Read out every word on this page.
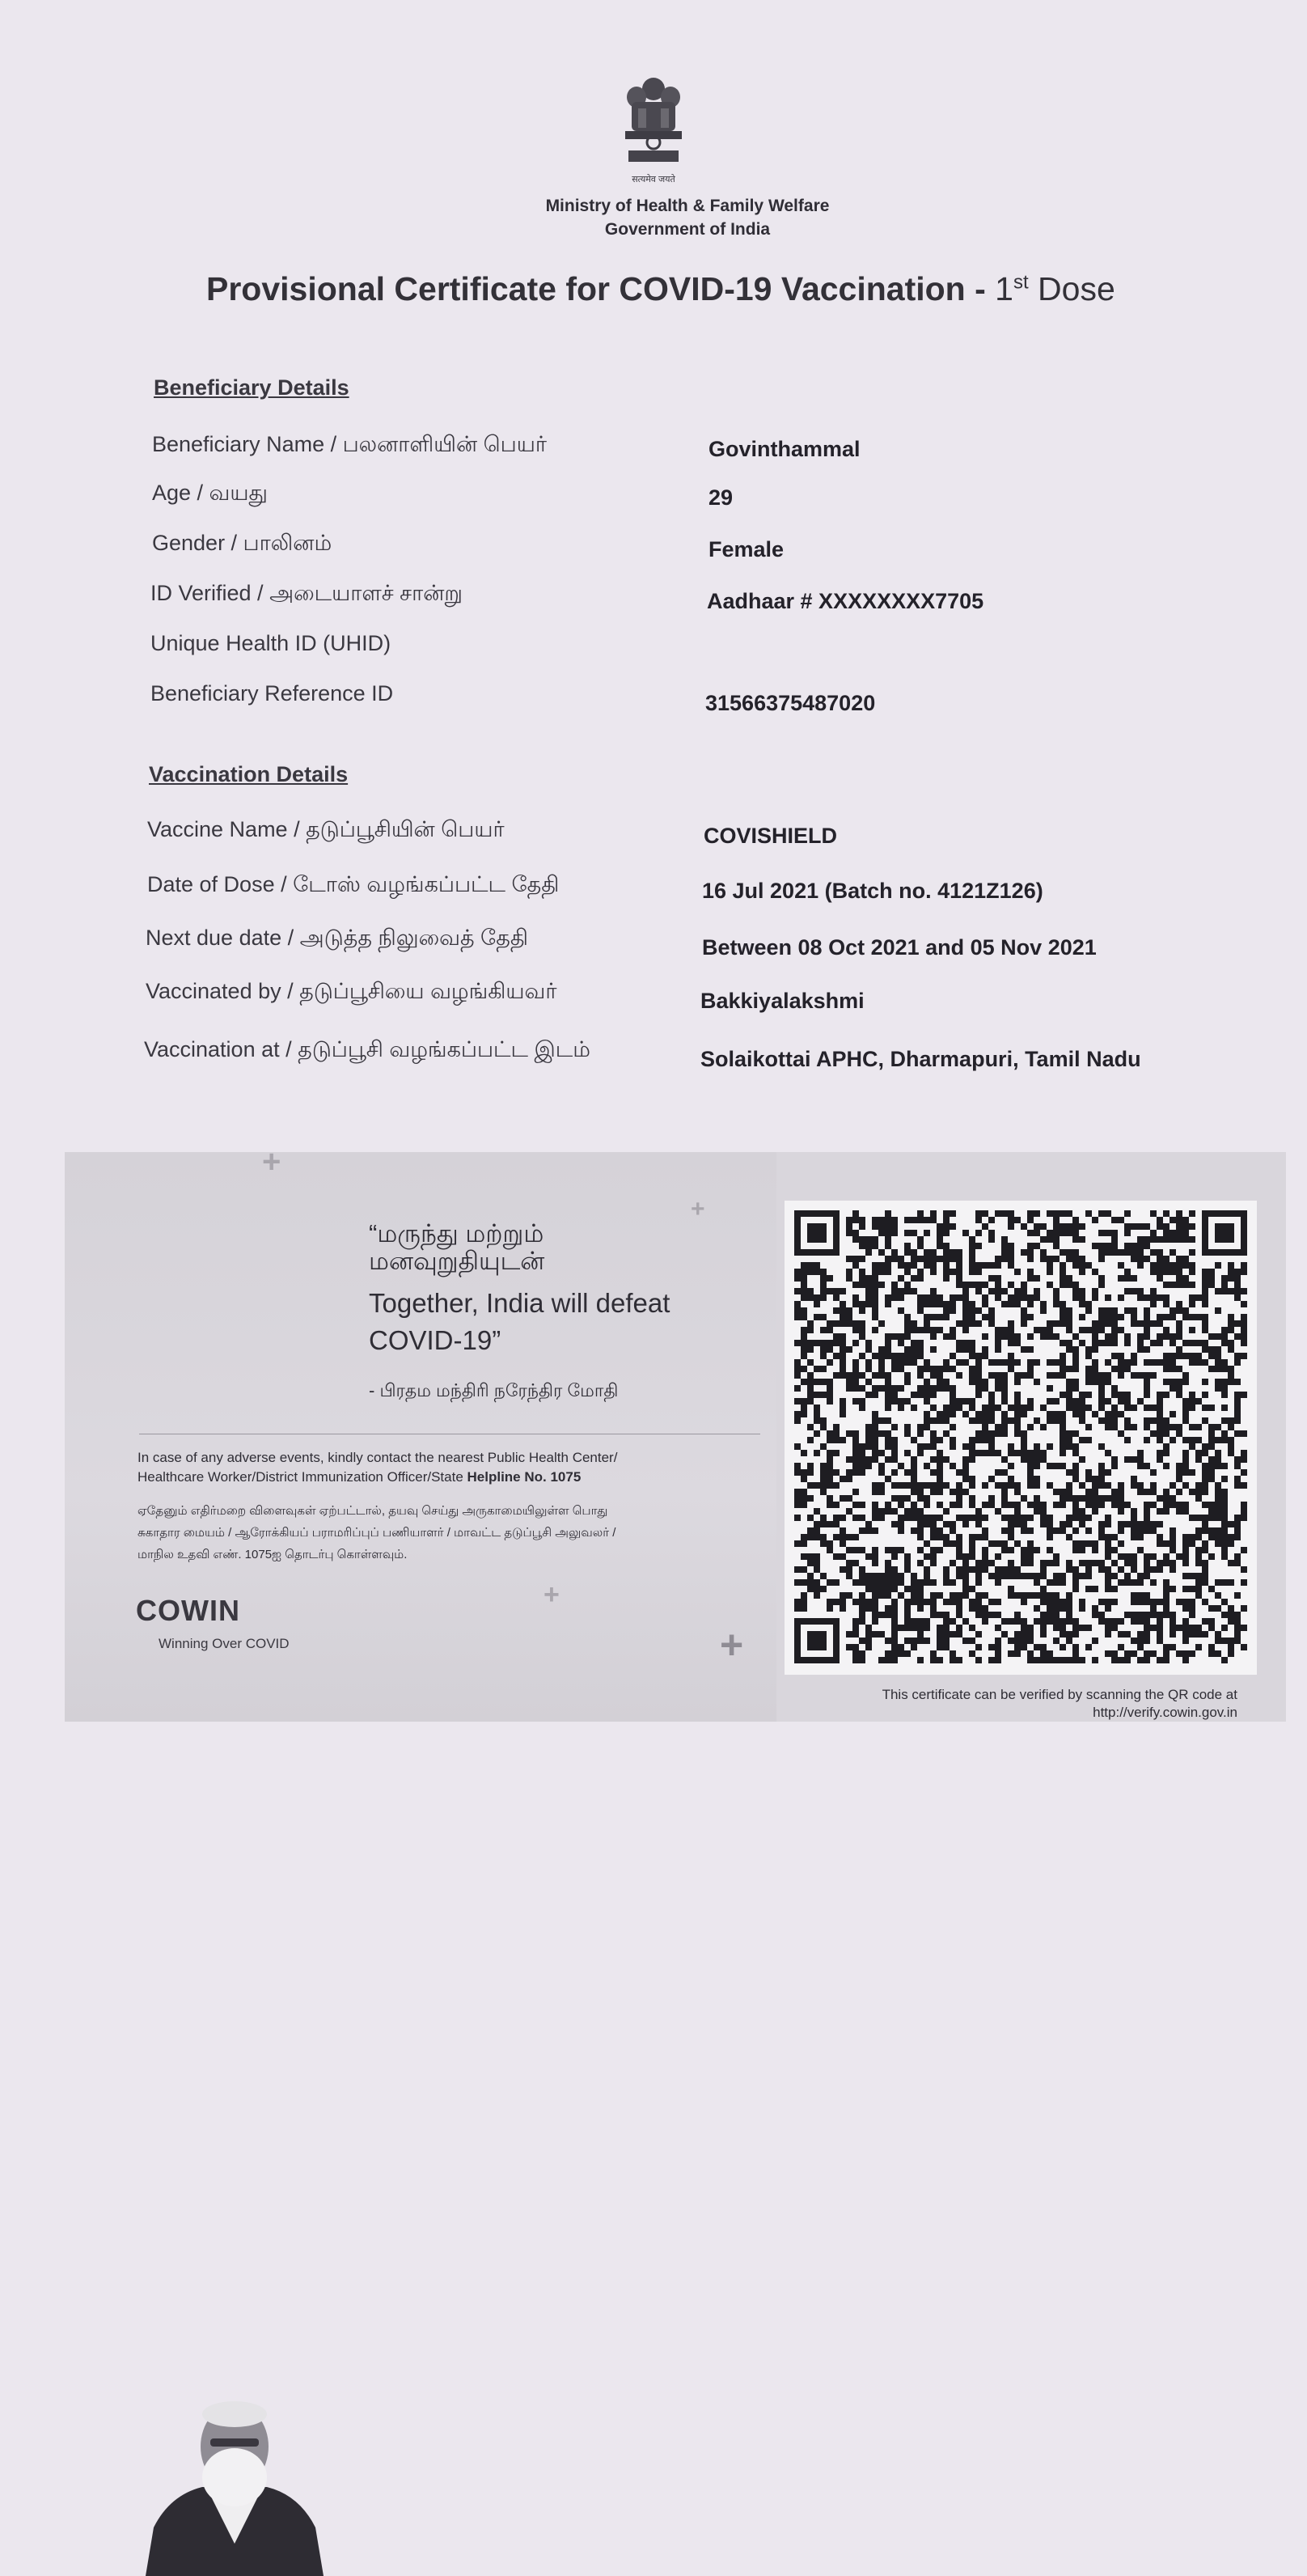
सत्यमेव जयते
Ministry of Health & Family Welfare
Government of India
Provisional Certificate for COVID-19 Vaccination - 1st Dose
Beneficiary Details
Beneficiary Name / பலனாளியின் பெயர்	Govinthammal
Age / வயது	29
Gender / பாலினம்	Female
ID Verified / அடையாளச் சான்று	Aadhaar # XXXXXXXX7705
Unique Health ID (UHID)
Beneficiary Reference ID	31566375487020
Vaccination Details
Vaccine Name / தடுப்பூசியின் பெயர்	COVISHIELD
Date of Dose / டோஸ் வழங்கப்பட்ட தேதி	16 Jul 2021 (Batch no. 4121Z126)
Next due date / அடுத்த நிலுவைத் தேதி	Between 08 Oct 2021 and 05 Nov 2021
Vaccinated by / தடுப்பூசியை வழங்கியவர்	Bakkiyalakshmi
Vaccination at / தடுப்பூசி வழங்கப்பட்ட இடம்	Solaikottai APHC, Dharmapuri, Tamil Nadu
+
+
+
+
“மருந்து மற்றும்
மனவுறுதியுடன்
Together, India will defeat
COVID-19”
- பிரதம மந்திரி நரேந்திர மோதி
In case of any adverse events, kindly contact the nearest Public Health Center/
Healthcare Worker/District Immunization Officer/State Helpline No. 1075
ஏதேனும் எதிர்மறை விளைவுகள் ஏற்பட்டால், தயவு செய்து அருகாமையிலுள்ள பொது
சுகாதார மையம் / ஆரோக்கியப் பராமரிப்புப் பணியாளர் / மாவட்ட தடுப்பூசி அலுவலர் /
மாநில உதவி எண். 1075ஐ தொடர்பு கொள்ளவும்.
COWIN
Winning Over COVID
This certificate can be verified by scanning the QR code at
http://verify.cowin.gov.in
